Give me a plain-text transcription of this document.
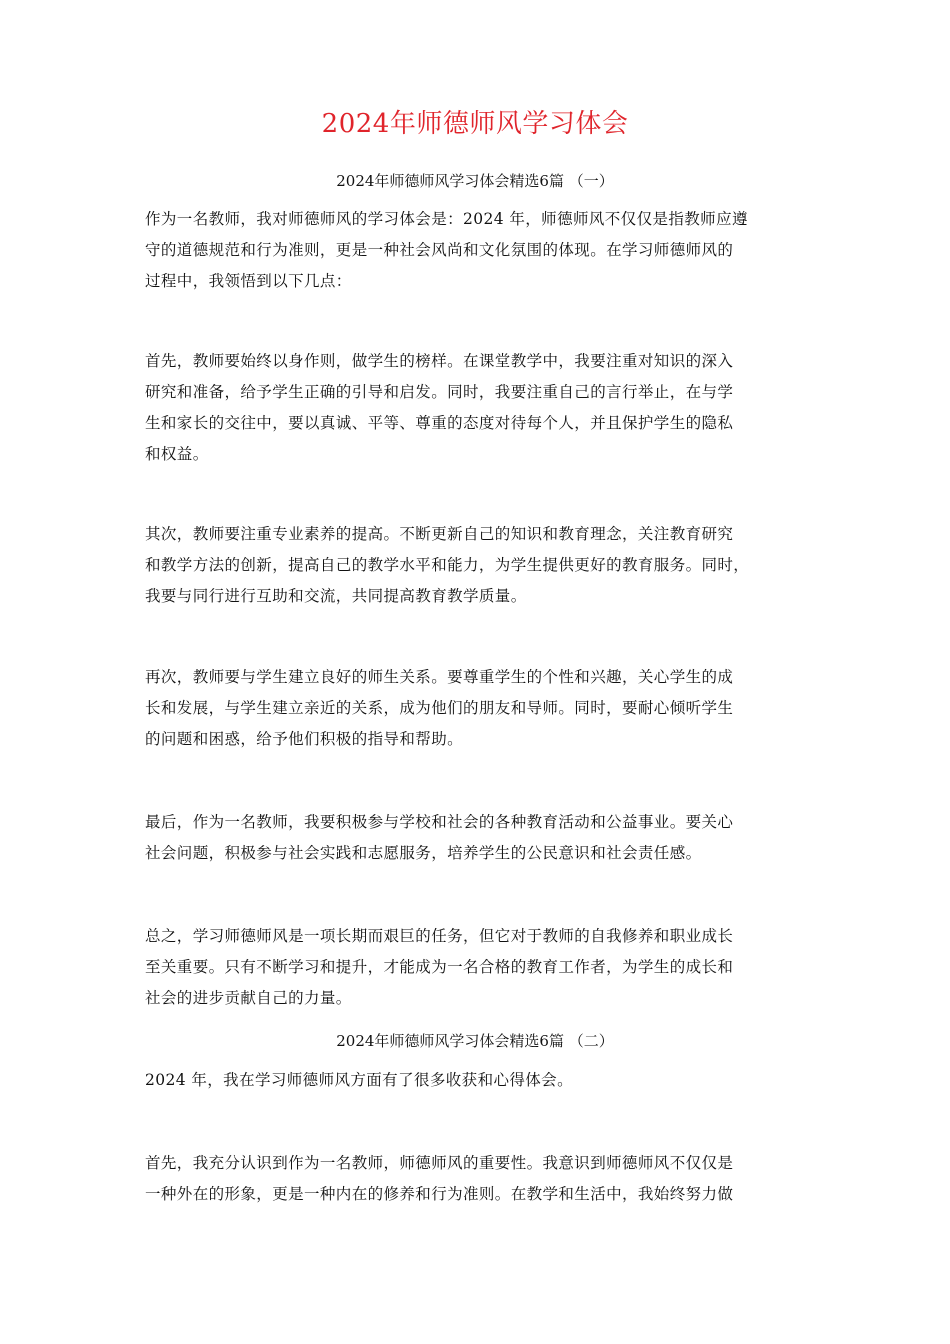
2024年师德师风学习体会
2024年师德师风学习体会精选6篇 （一）
作为一名教师，我对师德师风的学习体会是：2024 年，师德师风不仅仅是指教师应遵
守的道德规范和行为准则，更是一种社会风尚和文化氛围的体现。在学习师德师风的
过程中，我领悟到以下几点：
首先，教师要始终以身作则，做学生的榜样。在课堂教学中，我要注重对知识的深入
研究和准备，给予学生正确的引导和启发。同时，我要注重自己的言行举止，在与学
生和家长的交往中，要以真诚、平等、尊重的态度对待每个人，并且保护学生的隐私
和权益。
其次，教师要注重专业素养的提高。不断更新自己的知识和教育理念，关注教育研究
和教学方法的创新，提高自己的教学水平和能力，为学生提供更好的教育服务。同时，
我要与同行进行互助和交流，共同提高教育教学质量。
再次，教师要与学生建立良好的师生关系。要尊重学生的个性和兴趣，关心学生的成
长和发展，与学生建立亲近的关系，成为他们的朋友和导师。同时，要耐心倾听学生
的问题和困惑，给予他们积极的指导和帮助。
最后，作为一名教师，我要积极参与学校和社会的各种教育活动和公益事业。要关心
社会问题，积极参与社会实践和志愿服务，培养学生的公民意识和社会责任感。
总之，学习师德师风是一项长期而艰巨的任务，但它对于教师的自我修养和职业成长
至关重要。只有不断学习和提升，才能成为一名合格的教育工作者，为学生的成长和
社会的进步贡献自己的力量。
2024年师德师风学习体会精选6篇 （二）
2024 年，我在学习师德师风方面有了很多收获和心得体会。
首先，我充分认识到作为一名教师，师德师风的重要性。我意识到师德师风不仅仅是
一种外在的形象，更是一种内在的修养和行为准则。在教学和生活中，我始终努力做
